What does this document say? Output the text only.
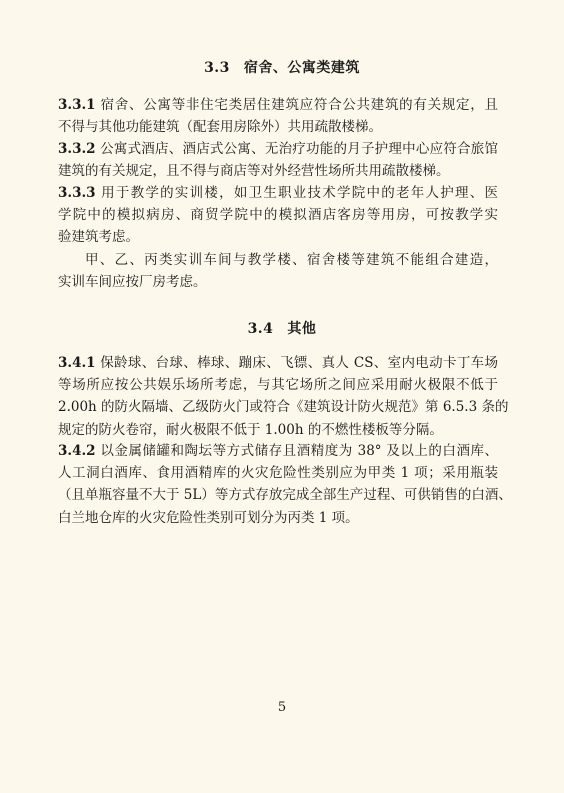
3.3 宿舍、公寓类建筑
3.3.1 宿舍、公寓等非住宅类居住建筑应符合公共建筑的有关规定，且
不得与其他功能建筑（配套用房除外）共用疏散楼梯。
3.3.2 公寓式酒店、酒店式公寓、无治疗功能的月子护理中心应符合旅馆
建筑的有关规定，且不得与商店等对外经营性场所共用疏散楼梯。
3.3.3 用于教学的实训楼，如卫生职业技术学院中的老年人护理、医
学院中的模拟病房、商贸学院中的模拟酒店客房等用房，可按教学实
验建筑考虑。
甲、乙、丙类实训车间与教学楼、宿舍楼等建筑不能组合建造，
实训车间应按厂房考虑。
3.4 其他
3.4.1 保龄球、台球、棒球、蹦床、飞镖、真人 CS、室内电动卡丁车场
等场所应按公共娱乐场所考虑，与其它场所之间应采用耐火极限不低于
2.00h 的防火隔墙、乙级防火门或符合《建筑设计防火规范》第 6.5.3 条的
规定的防火卷帘，耐火极限不低于 1.00h 的不燃性楼板等分隔。
3.4.2 以金属储罐和陶坛等方式储存且酒精度为 38° 及以上的白酒库、
人工洞白酒库、食用酒精库的火灾危险性类别应为甲类 1 项；采用瓶装
（且单瓶容量不大于 5L）等方式存放完成全部生产过程、可供销售的白酒、
白兰地仓库的火灾危险性类别可划分为丙类 1 项。
5
